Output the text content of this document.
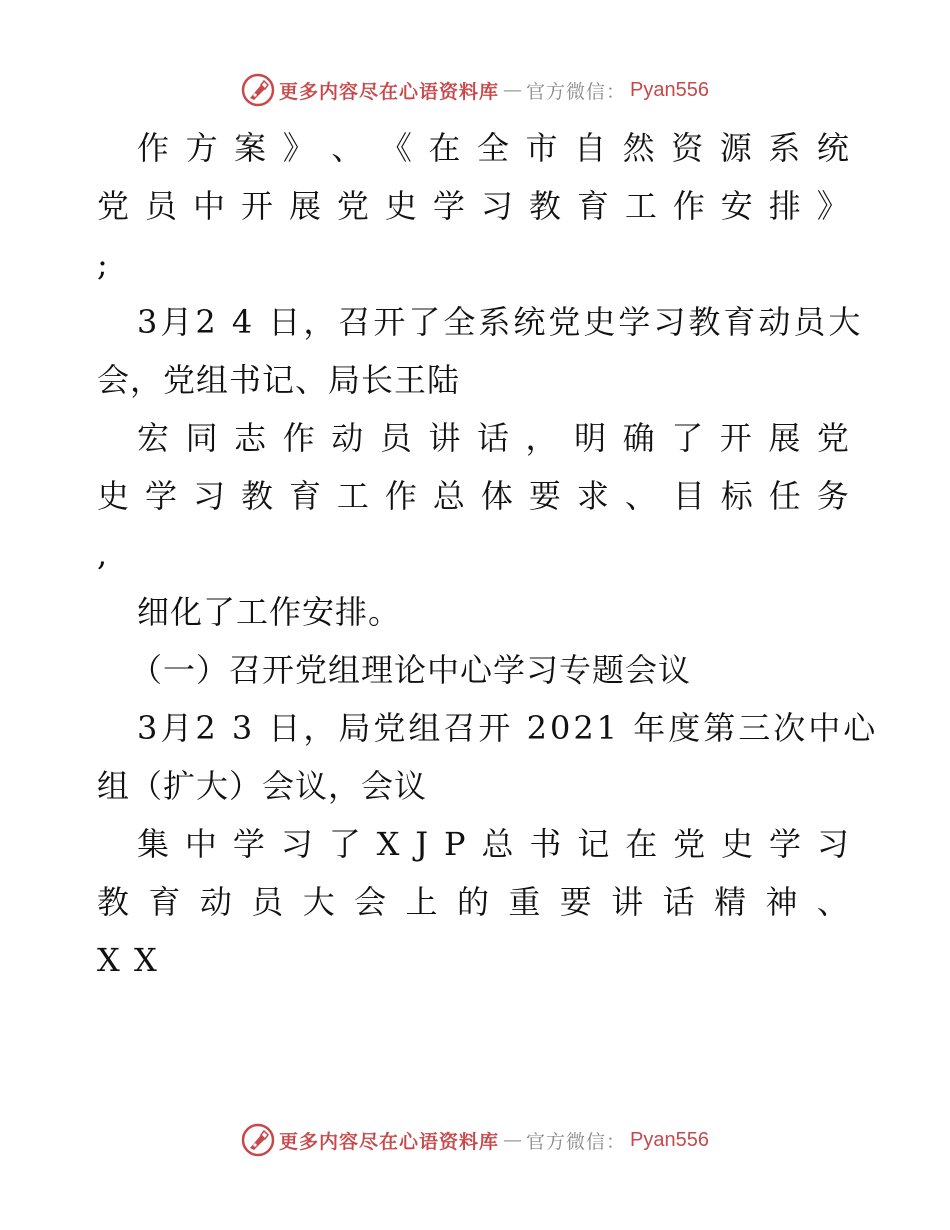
更多内容尽在心语资料库 — 官方微信： Pyan556
作 方 案 》 、 《 在 全 市 自 然 资 源 系 统
党 员 中 开 展 党 史 学 习 教 育 工 作 安 排 》
;
3月2 4 日，召开了全系统党史学习教育动员大
会，党组书记、局长王陆
宏 同 志 作 动 员 讲 话 ， 明 确 了 开 展 党
史 学 习 教 育 工 作 总 体 要 求 、 目 标 任 务
,
细化了工作安排。
（一）召开党组理论中心学习专题会议
3月2 3 日，局党组召开 2021 年度第三次中心
组（扩大）会议，会议
集 中 学 习 了 X J P 总 书 记 在 党 史 学 习
教 育 动 员 大 会 上 的 重 要 讲 话 精 神 、
X X
更多内容尽在心语资料库 — 官方微信： Pyan556
